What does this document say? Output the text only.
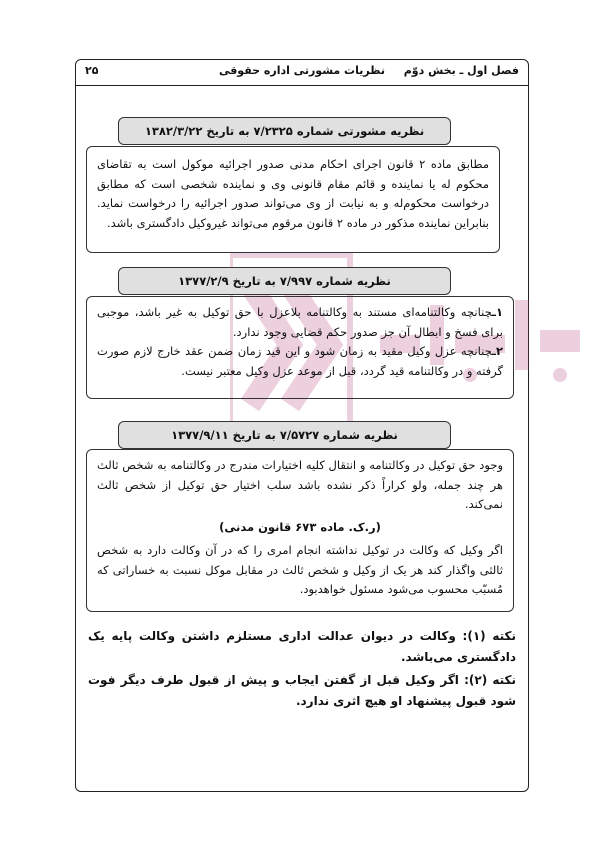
فصل اول ـ بخش دوّم
نظریات مشورتی اداره حقوقی
۲۵
نظریه مشورتی شماره ۷/۲۳۲۵ به تاریخ ۱۳۸۲/۳/۲۲

مطابق ماده ۲ قانون اجرای احکام مدنی صدور اجرائیه موکول است به تقاضای محکوم له یا نماینده و قائم مقام قانونی وی و نماینده شخصی است که مطابق درخواست محکوم‌له و به نیابت از وی می‌تواند صدور اجرائیه را درخواست نماید. بنابراین نماینده مذکور در ماده ۲ قانون مرقوم می‌تواند غیروکیل دادگستری باشد.

نظریه شماره ۷/۹۹۷ به تاریخ ۱۳۷۷/۲/۹

۱ـچنانچه وکالتنامه‌ای مستند به وکالتنامه بلاعزل با حق توکیل به غیر باشد، موجبی برای فسخ و ابطال آن جز صدور حکم قضایی وجود ندارد.

۲ـچنانچه عزل وکیل مقید به زمان شود و این قید زمان ضمن عقد خارج لازم صورت گرفته و در وکالتنامه قید گردد، قبل از موعد عزل وکیل معتبر نیست.

نظریه شماره ۷/۵۷۲۷ به تاریخ ۱۳۷۷/۹/۱۱

وجود حق توکیل در وکالتنامه و انتقال کلیه اختیارات مندرج در وکالتنامه به شخص ثالث هر چند جمله، ولو کراراً ذکر نشده باشد سلب اختیار حق توکیل از شخص ثالث نمی‌کند.

(ر.ک. ماده ۶۷۳ قانون مدنی)

اگر وکیل که وکالت در توکیل نداشته انجام امری را که در آن وکالت دارد به شخص ثالثی واگذار کند هر یک از وکیل و شخص ثالث در مقابل موکل نسبت به خساراتی که مُسبّب محسوب می‌شود مسئول خواهدبود.

نکته (۱): وکالت در دیوان عدالت اداری مستلزم داشتن وکالت پایه یک دادگستری می‌باشد.
نکته (۲): اگر وکیل قبل از گفتن ایجاب و پیش از قبول طرف دیگر فوت شود قبول پیشنهاد او هیچ اثری ندارد.
